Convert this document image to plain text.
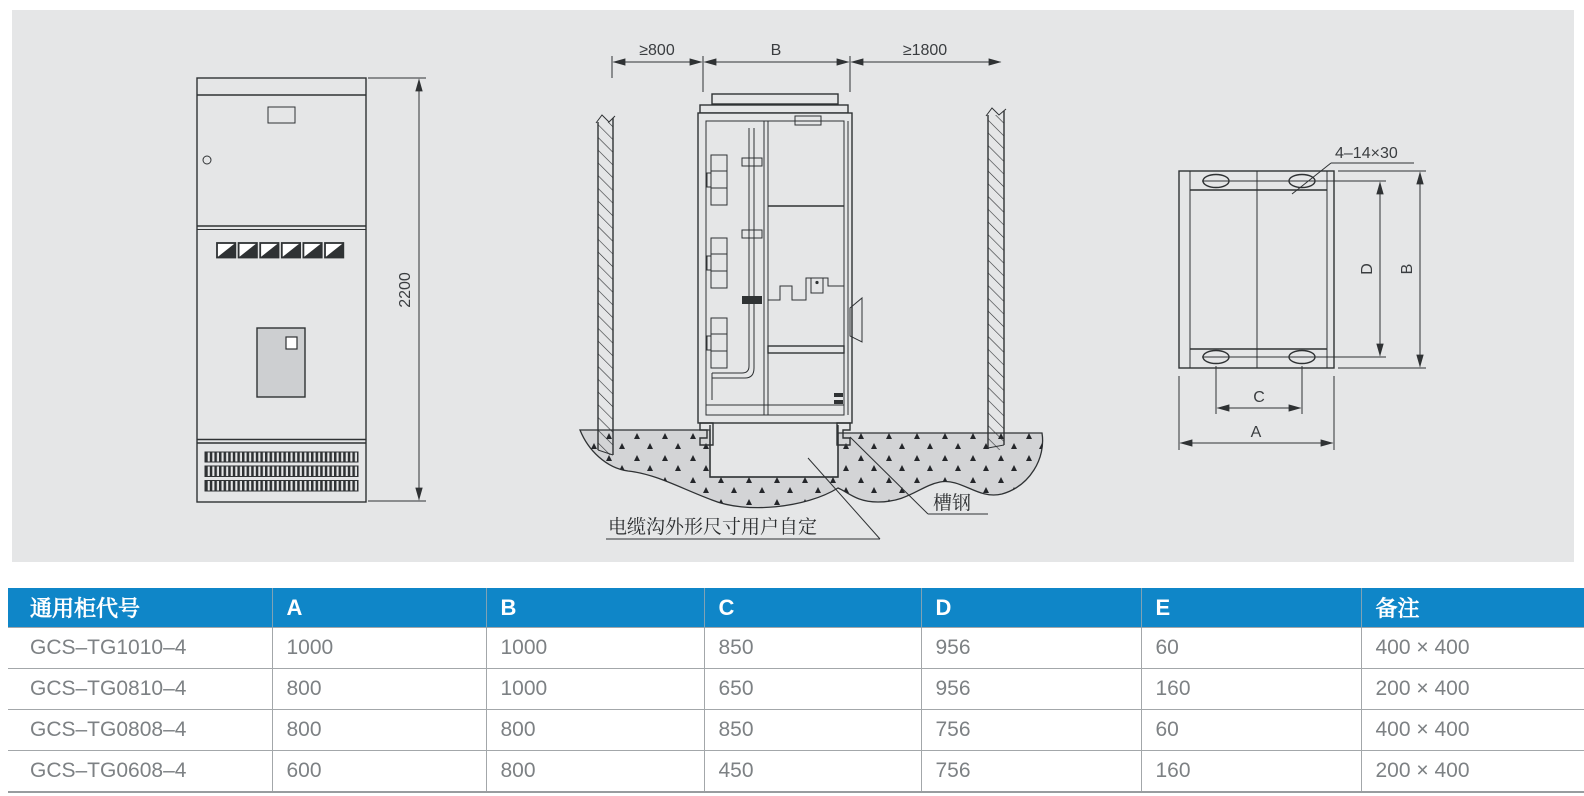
2200
≥800	B	≥1800
电缆沟外形尺寸用户自定
槽钢
4–14×30
D B
C
A
通用柜代号	A	B	C	D	E	备注
GCS–TG1010–4	1000	1000	850	956	60	400 × 400
GCS–TG0810–4	800	1000	650	956	160	200 × 400
GCS–TG0808–4	800	800	850	756	60	400 × 400
GCS–TG0608–4	600	800	450	756	160	200 × 400
